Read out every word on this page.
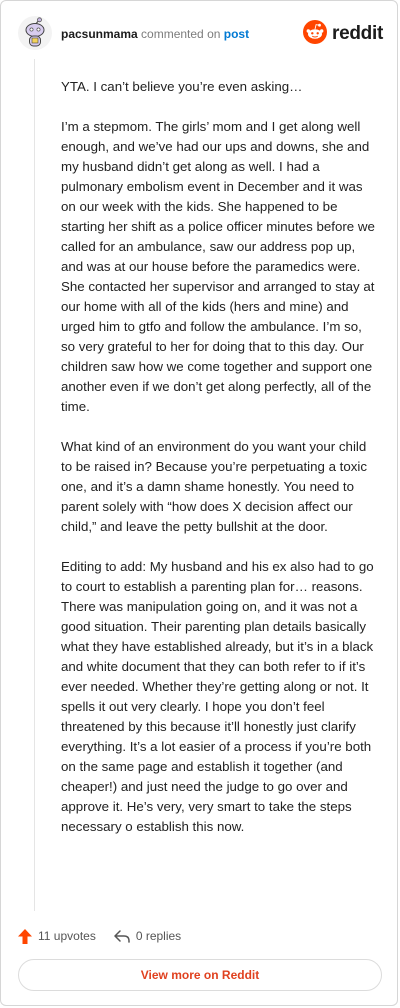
pacsunmama commented on post	reddit

YTA. I can’t believe you’re even asking…

I’m a stepmom. The girls’ mom and I get along well enough, and we’ve had our ups and downs, she and my husband didn’t get along as well. I had a pulmonary embolism event in December and it was on our week with the kids. She happened to be starting her shift as a police officer minutes before we called for an ambulance, saw our address pop up, and was at our house before the paramedics were. She contacted her supervisor and arranged to stay at our home with all of the kids (hers and mine) and urged him to gtfo and follow the ambulance. I’m so, so very grateful to her for doing that to this day. Our children saw how we come together and support one another even if we don’t get along perfectly, all of the time.

What kind of an environment do you want your child to be raised in? Because you’re perpetuating a toxic one, and it’s a damn shame honestly. You need to parent solely with “how does X decision affect our child,” and leave the petty bullshit at the door.

Editing to add: My husband and his ex also had to go to court to establish a parenting plan for… reasons. There was manipulation going on, and it was not a good situation. Their parenting plan details basically what they have established already, but it’s in a black and white document that they can both refer to if it’s ever needed. Whether they’re getting along or not. It spells it out very clearly. I hope you don’t feel threatened by this because it’ll honestly just clarify everything. It’s a lot easier of a process if you’re both on the same page and establish it together (and cheaper!) and just need the judge to go over and approve it. He’s very, very smart to take the steps necessary o establish this now.

11 upvotes	0 replies
View more on Reddit
